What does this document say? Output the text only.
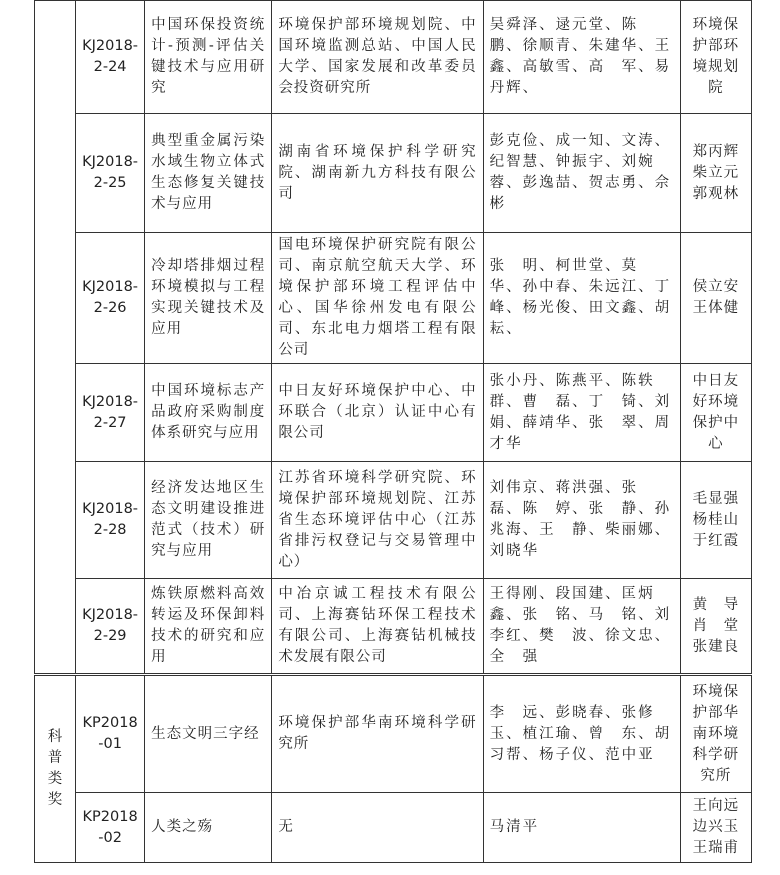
	KJ2018-2-24	中国环保投资统计-预测-评估关键技术与应用研究	环境保护部环境规划院、中国环境监测总站、中国人民大学、国家发展和改革委员会投资研究所	吴舜泽、逯元堂、陈　鹏、徐顺青、朱建华、王　鑫、高敏雪、高　军、易丹辉、	环境保护部环境规划院
	KJ2018-2-25	典型重金属污染水域生物立体式生态修复关键技术与应用	湖南省环境保护科学研究院、湖南新九方科技有限公司	彭克俭、成一知、文涛、纪智慧、钟振宇、刘婉蓉、彭逸喆、贺志勇、佘　彬	郑丙辉柴立元郭观林
	KJ2018-2-26	冷却塔排烟过程环境模拟与工程实现关键技术及应用	国电环境保护研究院有限公司、南京航空航天大学、环境保护部环境工程评估中心、国华徐州发电有限公司、东北电力烟塔工程有限公司	张　明、柯世堂、莫　华、孙中春、朱远江、丁　峰、杨光俊、田文鑫、胡　耘、	侯立安王体健
	KJ2018-2-27	中国环境标志产品政府采购制度体系研究与应用	中日友好环境保护中心、中环联合（北京）认证中心有限公司	张小丹、陈燕平、陈轶群、曹　磊、丁　锜、刘　娟、薛靖华、张　翠、周才华	中日友好环境保护中心
	KJ2018-2-28	经济发达地区生态文明建设推进范式（技术）研究与应用	江苏省环境科学研究院、环境保护部环境规划院、江苏省生态环境评估中心（江苏省排污权登记与交易管理中心）	刘伟京、蒋洪强、张　磊、陈　婷、张　静、孙兆海、王　静、柴丽娜、刘晓华	毛显强杨桂山于红霞
	KJ2018-2-29	炼铁原燃料高效转运及环保卸料技术的研究和应用	中冶京诚工程技术有限公司、上海赛钻环保工程技术有限公司、上海赛钻机械技术发展有限公司	王得刚、段国建、匡炳鑫、张　铭、马　铭、刘李红、樊　波、徐文忠、全　强	黄　导肖　堂张建良
科普类奖	KP2018-01	生态文明三字经	环境保护部华南环境科学研究所	李　远、彭晓春、张修玉、植江瑜、曾　东、胡习帮、杨子仪、范中亚	环境保护部华南环境科学研究所
	KP2018-02	人类之殇	无	马清平	王向远边兴玉王瑞甫
